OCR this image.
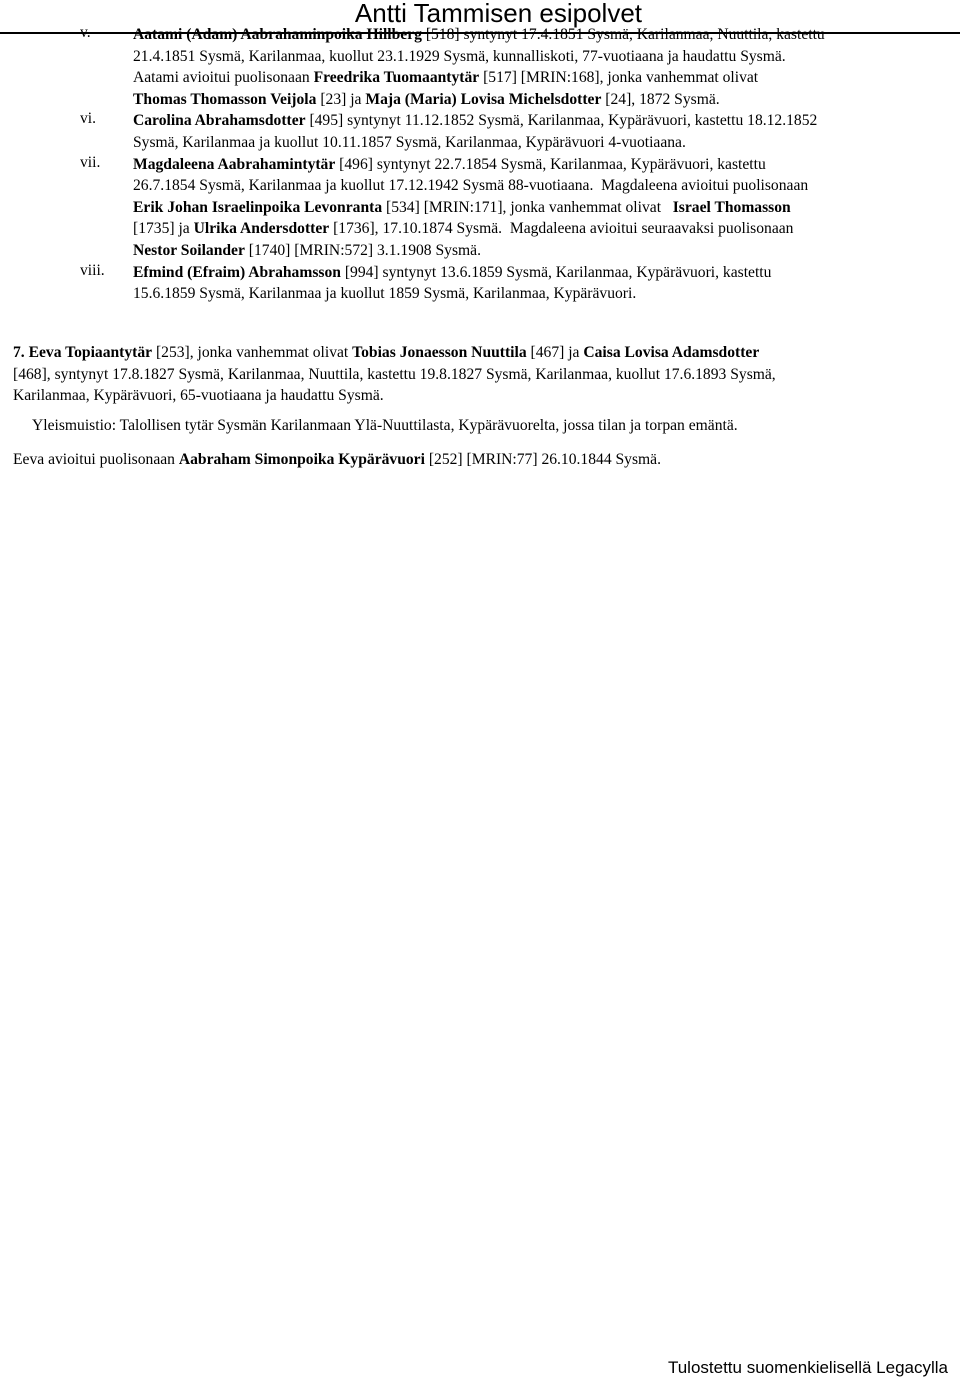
Antti Tammisen esipolvet
v.	Aatami (Adam) Aabrahaminpoika Hillberg [518] syntynyt 17.4.1851 Sysmä, Karilanmaa, Nuuttila, kastettu
21.4.1851 Sysmä, Karilanmaa, kuollut 23.1.1929 Sysmä, kunnalliskoti, 77-vuotiaana ja haudattu Sysmä.
Aatami avioitui puolisonaan Freedrika Tuomaantytär [517] [MRIN:168], jonka vanhemmat olivat
Thomas Thomasson Veijola [23] ja Maja (Maria) Lovisa Michelsdotter [24], 1872 Sysmä.
vi. Carolina Abrahamsdotter [495] syntynyt 11.12.1852 Sysmä, Karilanmaa, Kypärävuori, kastettu 18.12.1852
Sysmä, Karilanmaa ja kuollut 10.11.1857 Sysmä, Karilanmaa, Kypärävuori 4-vuotiaana.
vii. Magdaleena Aabrahamintytär [496] syntynyt 22.7.1854 Sysmä, Karilanmaa, Kypärävuori, kastettu
26.7.1854 Sysmä, Karilanmaa ja kuollut 17.12.1942 Sysmä 88-vuotiaana.  Magdaleena avioitui puolisonaan
Erik Johan Israelinpoika Levonranta [534] [MRIN:171], jonka vanhemmat olivat   Israel Thomasson
[1735] ja Ulrika Andersdotter [1736], 17.10.1874 Sysmä.  Magdaleena avioitui seuraavaksi puolisonaan
Nestor Soilander [1740] [MRIN:572] 3.1.1908 Sysmä.
viii. Efmind (Efraim) Abrahamsson [994] syntynyt 13.6.1859 Sysmä, Karilanmaa, Kypärävuori, kastettu
15.6.1859 Sysmä, Karilanmaa ja kuollut 1859 Sysmä, Karilanmaa, Kypärävuori.
7. Eeva Topiaantytär [253], jonka vanhemmat olivat Tobias Jonaesson Nuuttila [467] ja Caisa Lovisa Adamsdotter
[468], syntynyt 17.8.1827 Sysmä, Karilanmaa, Nuuttila, kastettu 19.8.1827 Sysmä, Karilanmaa, kuollut 17.6.1893 Sysmä,
Karilanmaa, Kypärävuori, 65-vuotiaana ja haudattu Sysmä.
Yleismuistio: Talollisen tytär Sysmän Karilanmaan Ylä-Nuuttilasta, Kypärävuorelta, jossa tilan ja torpan emäntä.
Eeva avioitui puolisonaan Aabraham Simonpoika Kypärävuori [252] [MRIN:77] 26.10.1844 Sysmä.
Tulostettu suomenkielisellä Legacylla
